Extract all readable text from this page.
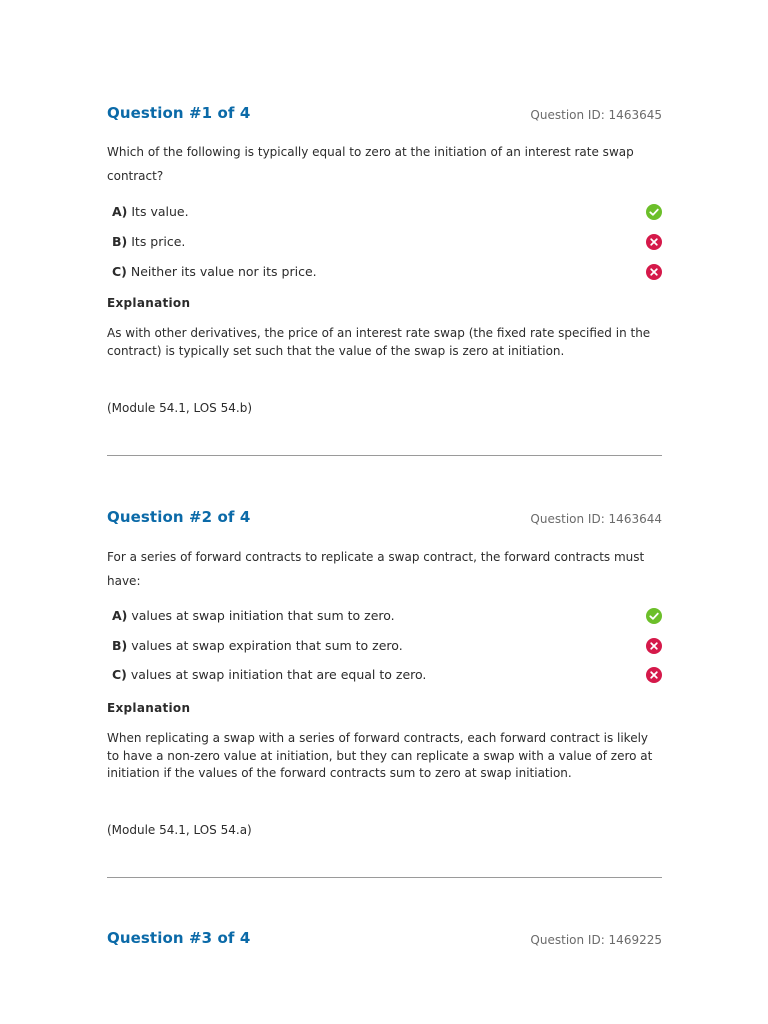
Question #1 of 4	Question ID: 1463645
Which of the following is typically equal to zero at the initiation of an interest rate swap contract?
A) Its value.
B) Its price.
C) Neither its value nor its price.
Explanation
As with other derivatives, the price of an interest rate swap (the fixed rate specified in the contract) is typically set such that the value of the swap is zero at initiation.
(Module 54.1, LOS 54.b)
Question #2 of 4	Question ID: 1463644
For a series of forward contracts to replicate a swap contract, the forward contracts must have:
A) values at swap initiation that sum to zero.
B) values at swap expiration that sum to zero.
C) values at swap initiation that are equal to zero.
Explanation
When replicating a swap with a series of forward contracts, each forward contract is likely to have a non-zero value at initiation, but they can replicate a swap with a value of zero at initiation if the values of the forward contracts sum to zero at swap initiation.
(Module 54.1, LOS 54.a)
Question #3 of 4	Question ID: 1469225
